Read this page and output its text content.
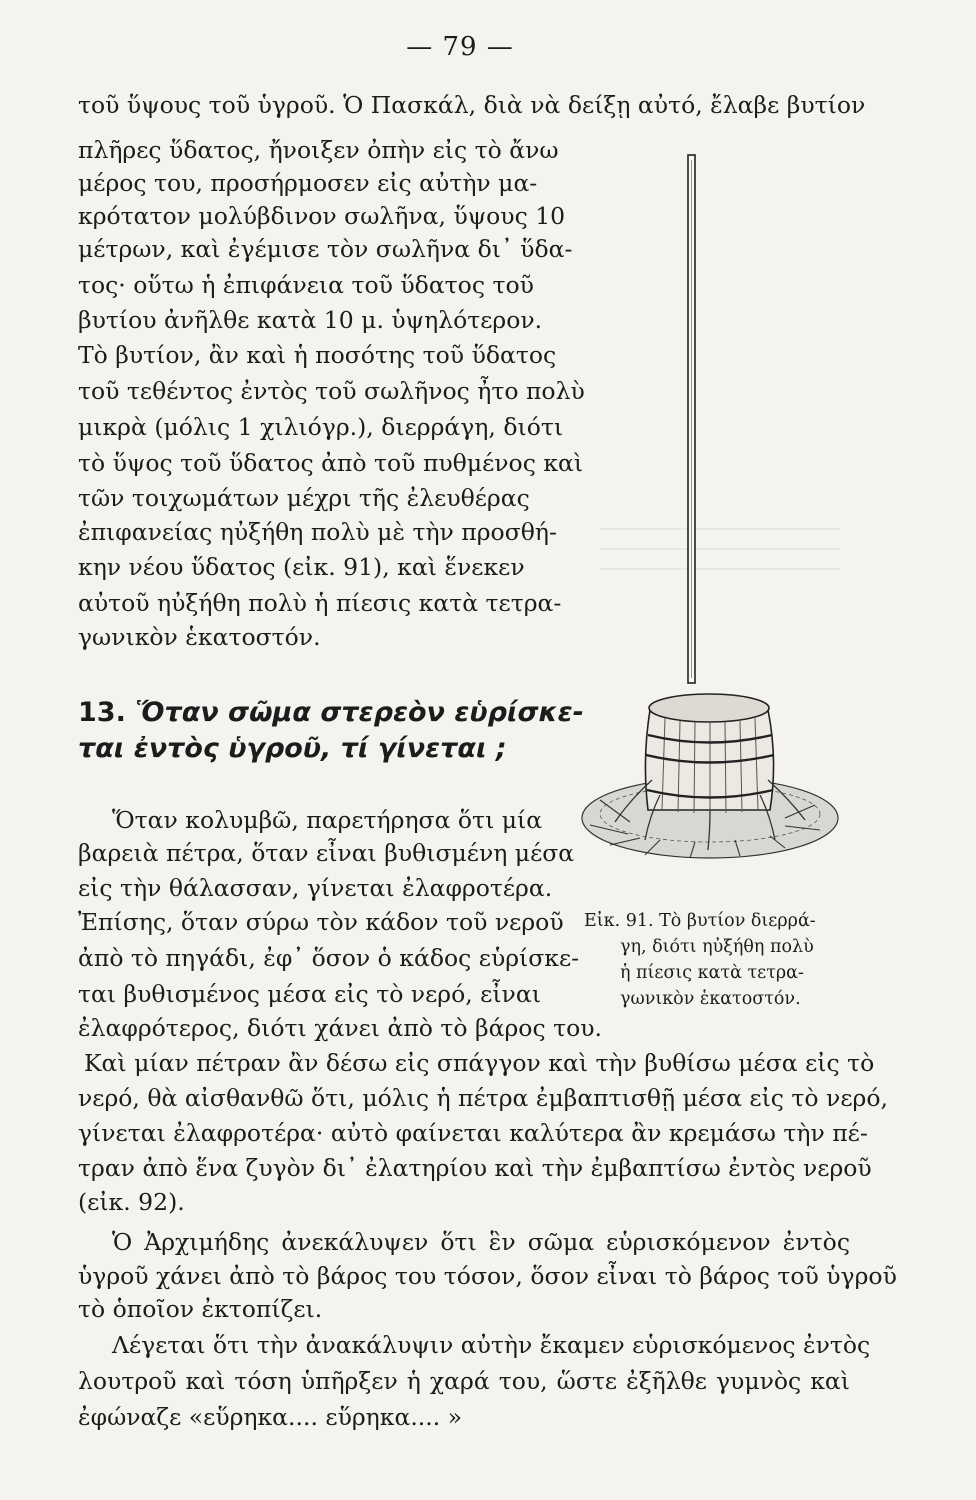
— 79 —
τοῦ ὕψους τοῦ ὑγροῦ. Ὁ Πασκάλ, διὰ νὰ δείξῃ αὐτό, ἔλαβε βυτίον
πλῆρες ὕδατος, ἤνοιξεν ὀπὴν εἰς τὸ ἄνω
μέρος του, προσήρμοσεν εἰς αὐτὴν μα-
κρότατον μολύβδινον σωλῆνα, ὕψους 10
μέτρων, καὶ ἐγέμισε τὸν σωλῆνα δι᾽ ὕδα-
τος· οὕτω ἡ ἐπιφάνεια τοῦ ὕδατος τοῦ
βυτίου ἀνῆλθε κατὰ 10 μ. ὑψηλότερον.
Τὸ βυτίον, ἂν καὶ ἡ ποσότης τοῦ ὕδατος
τοῦ τεθέντος ἐντὸς τοῦ σωλῆνος ἦτο πολὺ
μικρὰ (μόλις 1 χιλιόγρ.), διερράγη, διότι
τὸ ὕψος τοῦ ὕδατος ἀπὸ τοῦ πυθμένος καὶ
τῶν τοιχωμάτων μέχρι τῆς ἐλευθέρας
ἐπιφανείας ηὐξήθη πολὺ μὲ τὴν προσθή-
κην νέου ὕδατος (εἰκ. 91), καὶ ἕνεκεν
αὐτοῦ ηὐξήθη πολὺ ἡ πίεσις κατὰ τετρα-
γωνικὸν ἑκατοστόν.
13. Ὅταν σῶμα στερεὸν εὑρίσκε-
ται ἐντὸς ὑγροῦ, τί γίνεται ;
Ὅταν κολυμβῶ, παρετήρησα ὅτι μία
βαρειὰ πέτρα, ὅταν εἶναι βυθισμένη μέσα
εἰς τὴν θάλασσαν, γίνεται ἐλαφροτέρα.
Ἐπίσης, ὅταν σύρω τὸν κάδον τοῦ νεροῦ
ἀπὸ τὸ πηγάδι, ἐφ᾽ ὅσον ὁ κάδος εὑρίσκε-
ται βυθισμένος μέσα εἰς τὸ νερό, εἶναι
ἐλαφρότερος, διότι χάνει ἀπὸ τὸ βάρος του.
Εἰκ. 91. Τὸ βυτίον διερρά-
γη, διότι ηὐξήθη πολὺ
ἡ πίεσις κατὰ τετρα-
γωνικὸν ἑκατοστόν.
Καὶ μίαν πέτραν ἂν δέσω εἰς σπάγγον καὶ τὴν βυθίσω μέσα εἰς τὸ
νερό, θὰ αἰσθανθῶ ὅτι, μόλις ἡ πέτρα ἐμβαπτισθῇ μέσα εἰς τὸ νερό,
γίνεται ἐλαφροτέρα· αὐτὸ φαίνεται καλύτερα ἂν κρεμάσω τὴν πέ-
τραν ἀπὸ ἕνα ζυγὸν δι᾽ ἐλατηρίου καὶ τὴν ἐμβαπτίσω ἐντὸς νεροῦ
(εἰκ. 92).
Ὁ Ἀρχιμήδης ἀνεκάλυψεν ὅτι ἓν σῶμα εὑρισκόμενον ἐντὸς
ὑγροῦ χάνει ἀπὸ τὸ βάρος του τόσον, ὅσον εἶναι τὸ βάρος τοῦ ὑγροῦ
τὸ ὁποῖον ἐκτοπίζει.
Λέγεται ὅτι τὴν ἀνακάλυψιν αὐτὴν ἔκαμεν εὑρισκόμενος ἐντὸς
λουτροῦ καὶ τόση ὑπῆρξεν ἡ χαρά του, ὥστε ἐξῆλθε γυμνὸς καὶ
ἐφώναζε «εὕρηκα.... εὕρηκα.... »
